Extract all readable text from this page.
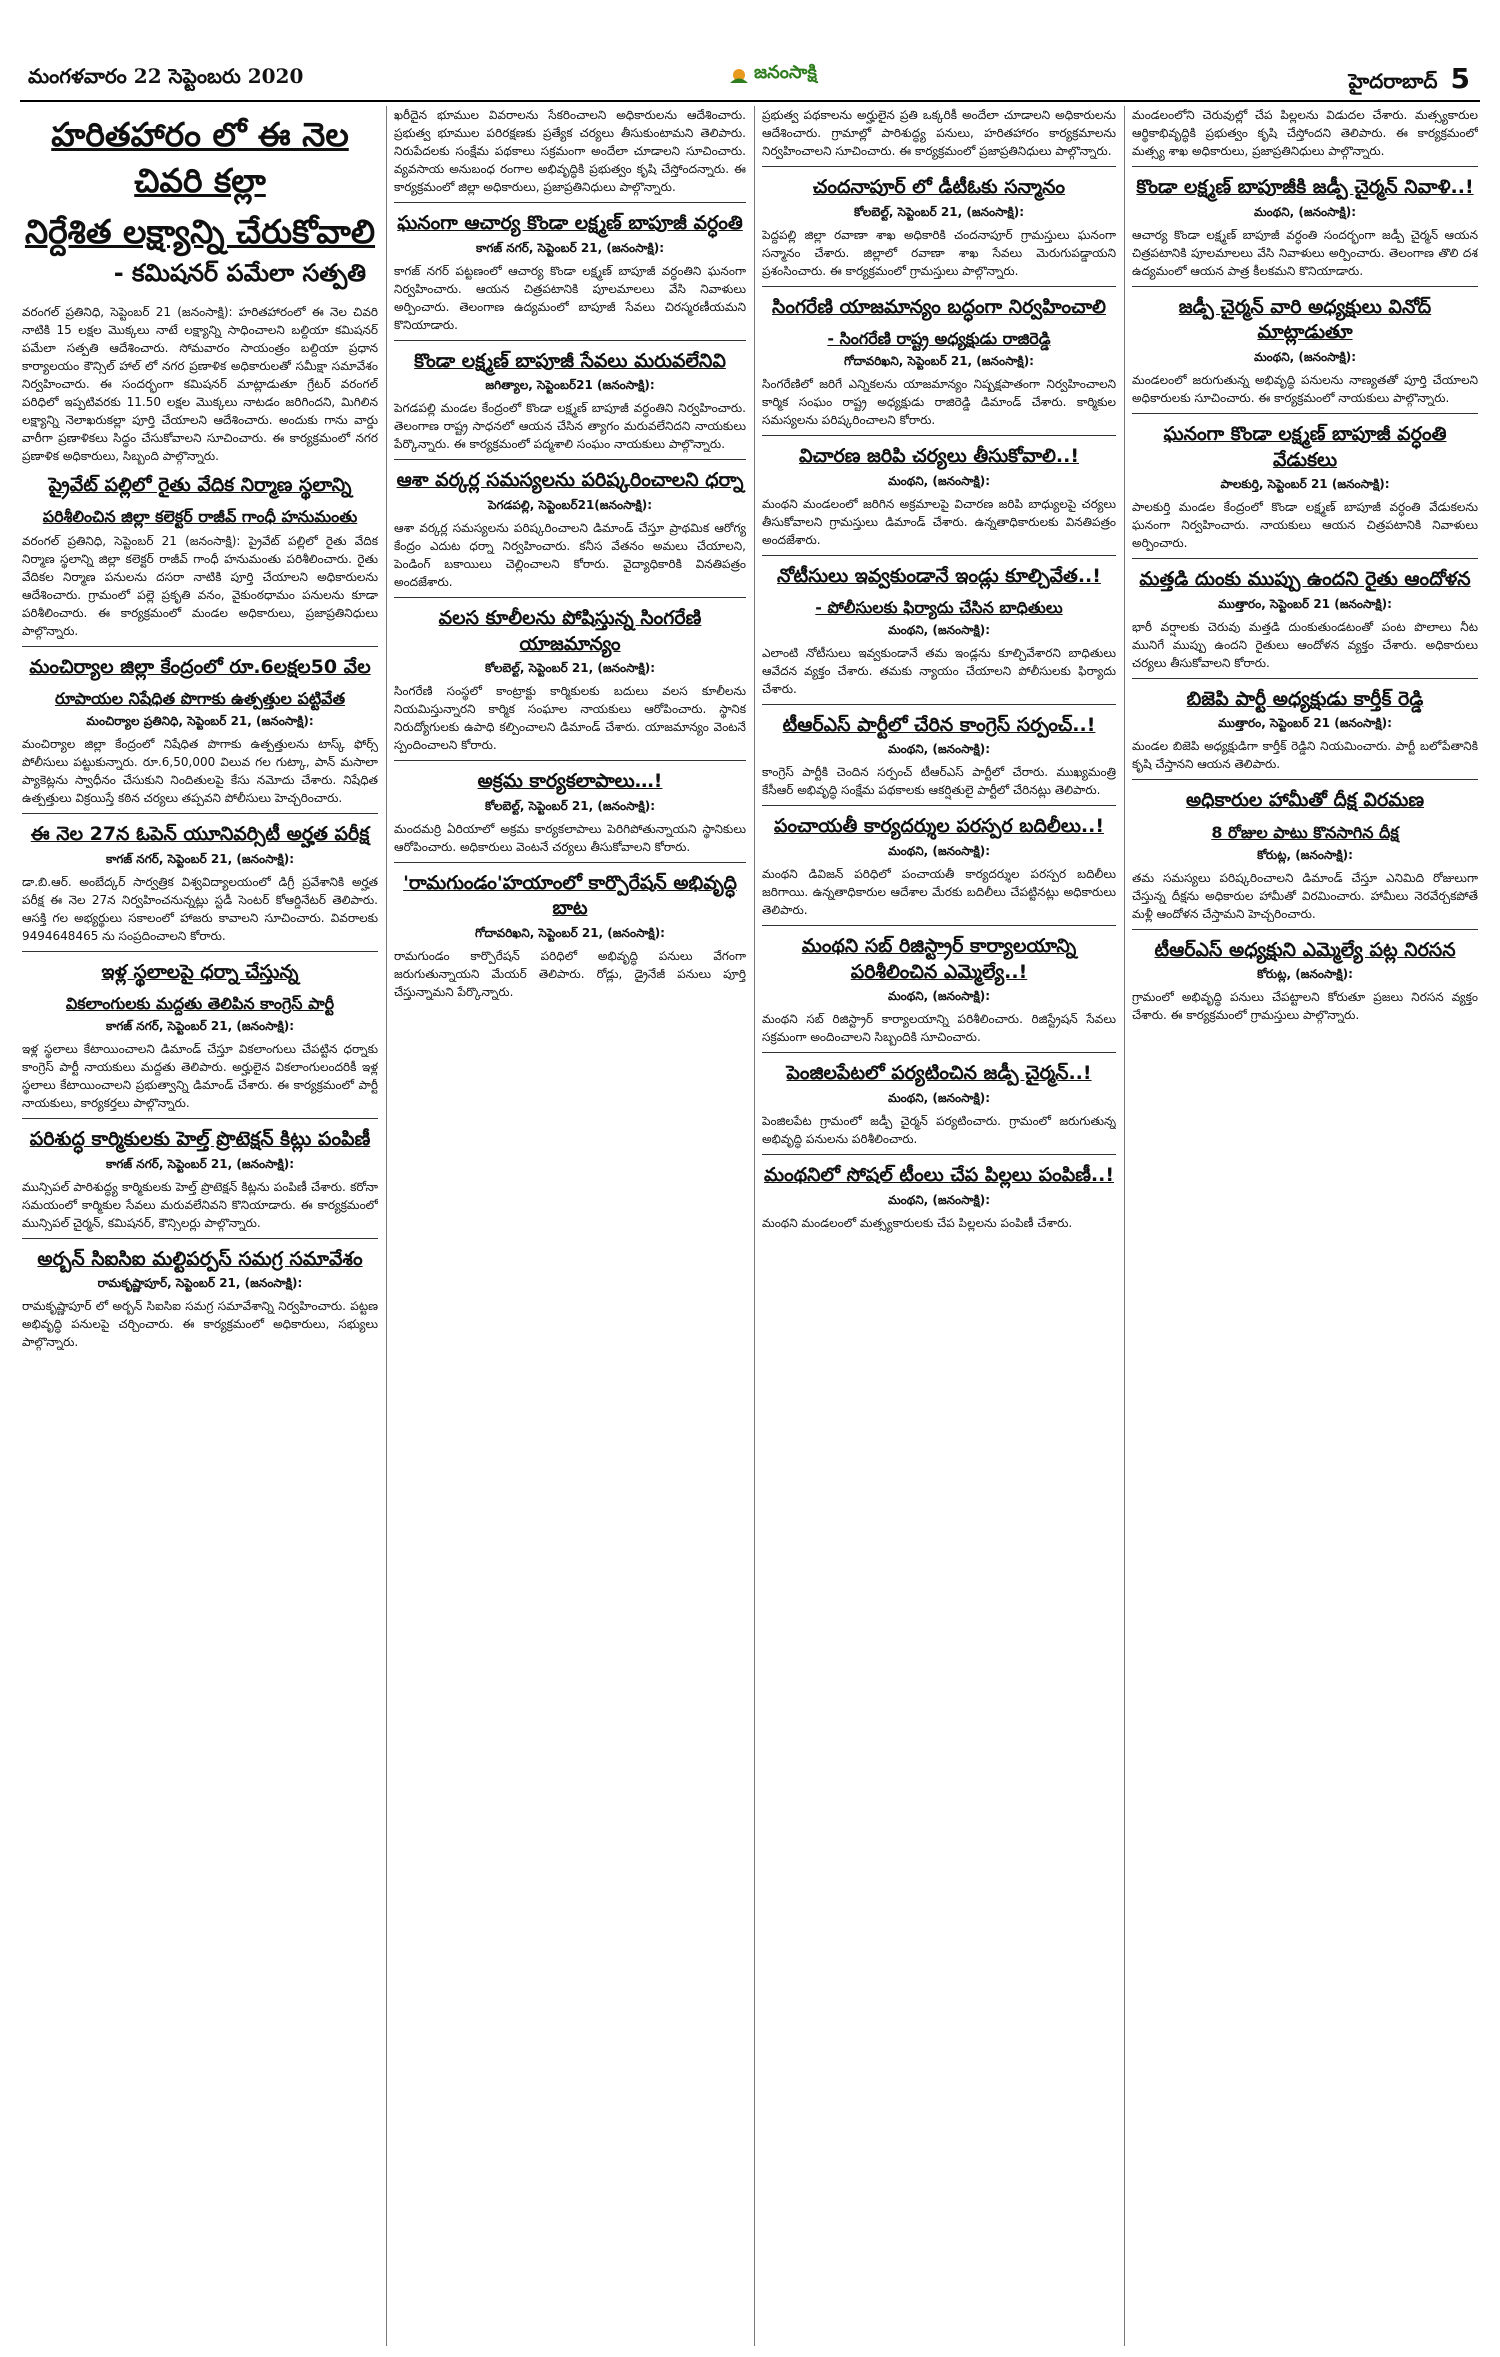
మంగళవారం 22 సెప్టెంబరు 2020	జనంసాక్షి	హైదరాబాద్ 5
హరితహారం లో ఈ నెల చివరి కల్లా
నిర్దేశిత లక్ష్యాన్ని చేరుకోవాలి
- కమిషనర్ పమేలా సత్పతి

వరంగల్ ప్రతినిధి, సెప్టెంబర్ 21 (జనంసాక్షి): హరితహారంలో ఈ నెల చివరి నాటికి 15 లక్షల మొక్కలు నాటే లక్ష్యాన్ని సాధించాలని బల్దియా కమిషనర్ పమేలా సత్పతి ఆదేశించారు. సోమవారం సాయంత్రం బల్దియా ప్రధాన కార్యాలయం కౌన్సిల్ హాల్ లో నగర ప్రణాళిక అధికారులతో సమీక్షా సమావేశం నిర్వహించారు. ఈ సందర్భంగా కమిషనర్ మాట్లాడుతూ గ్రేటర్ వరంగల్ పరిధిలో ఇప్పటివరకు 11.50 లక్షల మొక్కలు నాటడం జరిగిందని, మిగిలిన లక్ష్యాన్ని నెలాఖరుకల్లా పూర్తి చేయాలని ఆదేశించారు. అందుకు గాను వార్డు వారీగా ప్రణాళికలు సిద్ధం చేసుకోవాలని సూచించారు. ఈ కార్యక్రమంలో నగర ప్రణాళిక అధికారులు, సిబ్బంది పాల్గొన్నారు.

ప్రైవేట్ పల్లిలో రైతు వేదిక నిర్మాణ స్థలాన్ని
పరిశీలించిన జిల్లా కలెక్టర్ రాజీవ్ గాంధీ హనుమంతు

వరంగల్ ప్రతినిధి, సెప్టెంబర్ 21 (జనంసాక్షి): ప్రైవేట్ పల్లిలో రైతు వేదిక నిర్మాణ స్థలాన్ని జిల్లా కలెక్టర్ రాజీవ్ గాంధీ హనుమంతు పరిశీలించారు. రైతు వేదికల నిర్మాణ పనులను దసరా నాటికి పూర్తి చేయాలని అధికారులను ఆదేశించారు. గ్రామంలో పల్లె ప్రకృతి వనం, వైకుంఠధామం పనులను కూడా పరిశీలించారు. ఈ కార్యక్రమంలో మండల అధికారులు, ప్రజాప్రతినిధులు పాల్గొన్నారు.

మంచిర్యాల జిల్లా కేంద్రంలో రూ.6లక్షల50 వేల
రూపాయల నిషేధిత పొగాకు ఉత్పత్తుల పట్టివేత
మంచిర్యాల ప్రతినిధి, సెప్టెంబర్ 21, (జనంసాక్షి):

మంచిర్యాల జిల్లా కేంద్రంలో నిషేధిత పొగాకు ఉత్పత్తులను టాస్క్ ఫోర్స్ పోలీసులు పట్టుకున్నారు. రూ.6,50,000 విలువ గల గుట్కా, పాన్ మసాలా ప్యాకెట్లను స్వాధీనం చేసుకుని నిందితులపై కేసు నమోదు చేశారు. నిషేధిత ఉత్పత్తులు విక్రయిస్తే కఠిన చర్యలు తప్పవని పోలీసులు హెచ్చరించారు.

ఈ నెల 27న ఓపెన్ యూనివర్సిటీ అర్హత పరీక్ష
కాగజ్ నగర్, సెప్టెంబర్ 21, (జనంసాక్షి):

డా.బి.ఆర్. అంబేద్కర్ సార్వత్రిక విశ్వవిద్యాలయంలో డిగ్రీ ప్రవేశానికి అర్హత పరీక్ష ఈ నెల 27న నిర్వహించనున్నట్లు స్టడీ సెంటర్ కోఆర్డినేటర్ తెలిపారు. ఆసక్తి గల అభ్యర్థులు సకాలంలో హాజరు కావాలని సూచించారు. వివరాలకు 9494648465 ను సంప్రదించాలని కోరారు.

ఇళ్ల స్థలాలపై ధర్నా చేస్తున్న
వికలాంగులకు మద్దతు తెలిపిన కాంగ్రెస్ పార్టీ
కాగజ్ నగర్, సెప్టెంబర్ 21, (జనంసాక్షి):

ఇళ్ల స్థలాలు కేటాయించాలని డిమాండ్ చేస్తూ వికలాంగులు చేపట్టిన ధర్నాకు కాంగ్రెస్ పార్టీ నాయకులు మద్దతు తెలిపారు. అర్హులైన వికలాంగులందరికీ ఇళ్ల స్థలాలు కేటాయించాలని ప్రభుత్వాన్ని డిమాండ్ చేశారు. ఈ కార్యక్రమంలో పార్టీ నాయకులు, కార్యకర్తలు పాల్గొన్నారు.

పరిశుద్ధ కార్మికులకు హెల్త్ ప్రొటెక్షన్ కిట్లు పంపిణీ
కాగజ్ నగర్, సెప్టెంబర్ 21, (జనంసాక్షి):

మున్సిపల్ పారిశుద్ధ్య కార్మికులకు హెల్త్ ప్రొటెక్షన్ కిట్లను పంపిణీ చేశారు. కరోనా సమయంలో కార్మికుల సేవలు మరువలేనివని కొనియాడారు. ఈ కార్యక్రమంలో మున్సిపల్ చైర్మన్, కమిషనర్, కౌన్సిలర్లు పాల్గొన్నారు.

అర్బన్ సిఐసిఐ మల్టిపర్పస్ సమగ్ర సమావేశం
రామకృష్ణాపూర్, సెప్టెంబర్ 21, (జనంసాక్షి):

రామకృష్ణాపూర్ లో అర్బన్ సిఐసిఐ సమగ్ర సమావేశాన్ని నిర్వహించారు. పట్టణ అభివృద్ధి పనులపై చర్చించారు. ఈ కార్యక్రమంలో అధికారులు, సభ్యులు పాల్గొన్నారు.

ఖరీదైన భూముల వివరాలను సేకరించాలని అధికారులను ఆదేశించారు. ప్రభుత్వ భూముల పరిరక్షణకు ప్రత్యేక చర్యలు తీసుకుంటామని తెలిపారు. నిరుపేదలకు సంక్షేమ పథకాలు సక్రమంగా అందేలా చూడాలని సూచించారు. వ్యవసాయ అనుబంధ రంగాల అభివృద్ధికి ప్రభుత్వం కృషి చేస్తోందన్నారు. ఈ కార్యక్రమంలో జిల్లా అధికారులు, ప్రజాప్రతినిధులు పాల్గొన్నారు.

ఘనంగా ఆచార్య కొండా లక్ష్మణ్ బాపూజీ వర్ధంతి
కాగజ్ నగర్, సెప్టెంబర్ 21, (జనంసాక్షి):

కాగజ్ నగర్ పట్టణంలో ఆచార్య కొండా లక్ష్మణ్ బాపూజీ వర్ధంతిని ఘనంగా నిర్వహించారు. ఆయన చిత్రపటానికి పూలమాలలు వేసి నివాళులు అర్పించారు. తెలంగాణ ఉద్యమంలో బాపూజీ సేవలు చిరస్మరణీయమని కొనియాడారు.

కొండా లక్ష్మణ్ బాపూజీ సేవలు మరువలేనివి
జగిత్యాల, సెప్టెంబర్21 (జనంసాక్షి):

పెగడపల్లి మండల కేంద్రంలో కొండా లక్ష్మణ్ బాపూజీ వర్ధంతిని నిర్వహించారు. తెలంగాణ రాష్ట్ర సాధనలో ఆయన చేసిన త్యాగం మరువలేనిదని నాయకులు పేర్కొన్నారు. ఈ కార్యక్రమంలో పద్మశాలి సంఘం నాయకులు పాల్గొన్నారు.

ఆశా వర్కర్ల సమస్యలను పరిష్కరించాలని ధర్నా
పెగడపల్లి, సెప్టెంబర్21(జనంసాక్షి):

ఆశా వర్కర్ల సమస్యలను పరిష్కరించాలని డిమాండ్ చేస్తూ ప్రాథమిక ఆరోగ్య కేంద్రం ఎదుట ధర్నా నిర్వహించారు. కనీస వేతనం అమలు చేయాలని, పెండింగ్ బకాయిలు చెల్లించాలని కోరారు. వైద్యాధికారికి వినతిపత్రం అందజేశారు.

వలస కూలీలను పోషిస్తున్న సింగరేణి యాజమాన్యం
కోలబెల్ట్, సెప్టెంబర్ 21, (జనంసాక్షి):

సింగరేణి సంస్థలో కాంట్రాక్టు కార్మికులకు బదులు వలస కూలీలను నియమిస్తున్నారని కార్మిక సంఘాల నాయకులు ఆరోపించారు. స్థానిక నిరుద్యోగులకు ఉపాధి కల్పించాలని డిమాండ్ చేశారు. యాజమాన్యం వెంటనే స్పందించాలని కోరారు.

అక్రమ కార్యకలాపాలు…!
కోలబెల్ట్, సెప్టెంబర్ 21, (జనంసాక్షి):

మందమర్రి ఏరియాలో అక్రమ కార్యకలాపాలు పెరిగిపోతున్నాయని స్థానికులు ఆరోపించారు. అధికారులు వెంటనే చర్యలు తీసుకోవాలని కోరారు.

'రామగుండం'హయాంలో కార్పొరేషన్ అభివృద్ధి బాట
గోదావరిఖని, సెప్టెంబర్ 21, (జనంసాక్షి):

రామగుండం కార్పొరేషన్ పరిధిలో అభివృద్ధి పనులు వేగంగా జరుగుతున్నాయని మేయర్ తెలిపారు. రోడ్లు, డ్రైనేజీ పనులు పూర్తి చేస్తున్నామని పేర్కొన్నారు.

ప్రభుత్వ పథకాలను అర్హులైన ప్రతి ఒక్కరికీ అందేలా చూడాలని అధికారులను ఆదేశించారు. గ్రామాల్లో పారిశుద్ధ్య పనులు, హరితహారం కార్యక్రమాలను నిర్వహించాలని సూచించారు. ఈ కార్యక్రమంలో ప్రజాప్రతినిధులు పాల్గొన్నారు.

చందనాపూర్ లో డీటీఓకు సన్మానం
కోలబెల్ట్, సెప్టెంబర్ 21, (జనంసాక్షి):

పెద్దపల్లి జిల్లా రవాణా శాఖ అధికారికి చందనాపూర్ గ్రామస్తులు ఘనంగా సన్మానం చేశారు. జిల్లాలో రవాణా శాఖ సేవలు మెరుగుపడ్డాయని ప్రశంసించారు. ఈ కార్యక్రమంలో గ్రామస్తులు పాల్గొన్నారు.

సింగరేణి యాజమాన్యం బద్ధంగా నిర్వహించాలి
- సింగరేణి రాష్ట్ర అధ్యక్షుడు రాజిరెడ్డి
గోదావరిఖని, సెప్టెంబర్ 21, (జనంసాక్షి):

సింగరేణిలో జరిగే ఎన్నికలను యాజమాన్యం నిష్పక్షపాతంగా నిర్వహించాలని కార్మిక సంఘం రాష్ట్ర అధ్యక్షుడు రాజిరెడ్డి డిమాండ్ చేశారు. కార్మికుల సమస్యలను పరిష్కరించాలని కోరారు.

విచారణ జరిపి చర్యలు తీసుకోవాలి..!
మంథని, (జనంసాక్షి):

మంథని మండలంలో జరిగిన అక్రమాలపై విచారణ జరిపి బాధ్యులపై చర్యలు తీసుకోవాలని గ్రామస్తులు డిమాండ్ చేశారు. ఉన్నతాధికారులకు వినతిపత్రం అందజేశారు.

నోటీసులు ఇవ్వకుండానే ఇండ్లు కూల్చివేత..!
- పోలీసులకు ఫిర్యాదు చేసిన బాధితులు
మంథని, (జనంసాక్షి):

ఎలాంటి నోటీసులు ఇవ్వకుండానే తమ ఇండ్లను కూల్చివేశారని బాధితులు ఆవేదన వ్యక్తం చేశారు. తమకు న్యాయం చేయాలని పోలీసులకు ఫిర్యాదు చేశారు.

టీఆర్ఎస్ పార్టీలో చేరిన కాంగ్రెస్ సర్పంచ్..!
మంథని, (జనంసాక్షి):

కాంగ్రెస్ పార్టీకి చెందిన సర్పంచ్ టీఆర్ఎస్ పార్టీలో చేరారు. ముఖ్యమంత్రి కేసీఆర్ అభివృద్ధి సంక్షేమ పథకాలకు ఆకర్షితులై పార్టీలో చేరినట్లు తెలిపారు.

పంచాయతీ కార్యదర్శుల పరస్పర బదిలీలు..!
మంథని, (జనంసాక్షి):

మంథని డివిజన్ పరిధిలో పంచాయతీ కార్యదర్శుల పరస్పర బదిలీలు జరిగాయి. ఉన్నతాధికారుల ఆదేశాల మేరకు బదిలీలు చేపట్టినట్లు అధికారులు తెలిపారు.

మంథని సబ్ రిజిస్ట్రార్ కార్యాలయాన్ని పరిశీలించిన ఎమ్మెల్యే..!
మంథని, (జనంసాక్షి):

మంథని సబ్ రిజిస్ట్రార్ కార్యాలయాన్ని పరిశీలించారు. రిజిస్ట్రేషన్ సేవలు సక్రమంగా అందించాలని సిబ్బందికి సూచించారు.

పెంజిలపేటలో పర్యటించిన జడ్పీ చైర్మన్..!
మంథని, (జనంసాక్షి):

పెంజిలపేట గ్రామంలో జడ్పీ చైర్మన్ పర్యటించారు. గ్రామంలో జరుగుతున్న అభివృద్ధి పనులను పరిశీలించారు.

మంథనిలో సోషల్ టీంలు చేప పిల్లలు పంపిణీ..!
మంథని, (జనంసాక్షి):

మంథని మండలంలో మత్స్యకారులకు చేప పిల్లలను పంపిణీ చేశారు.

మండలంలోని చెరువుల్లో చేప పిల్లలను విడుదల చేశారు. మత్స్యకారుల ఆర్థికాభివృద్ధికి ప్రభుత్వం కృషి చేస్తోందని తెలిపారు. ఈ కార్యక్రమంలో మత్స్య శాఖ అధికారులు, ప్రజాప్రతినిధులు పాల్గొన్నారు.

కొండా లక్ష్మణ్ బాపూజీకి జడ్పీ చైర్మన్ నివాళి..!
మంథని, (జనంసాక్షి):

ఆచార్య కొండా లక్ష్మణ్ బాపూజీ వర్ధంతి సందర్భంగా జడ్పీ చైర్మన్ ఆయన చిత్రపటానికి పూలమాలలు వేసి నివాళులు అర్పించారు. తెలంగాణ తొలి దశ ఉద్యమంలో ఆయన పాత్ర కీలకమని కొనియాడారు.

జడ్పీ చైర్మన్ వారి అధ్యక్షులు వినోద్ మాట్లాడుతూ
మంథని, (జనంసాక్షి):

మండలంలో జరుగుతున్న అభివృద్ధి పనులను నాణ్యతతో పూర్తి చేయాలని అధికారులకు సూచించారు. ఈ కార్యక్రమంలో నాయకులు పాల్గొన్నారు.

ఘనంగా కొండా లక్ష్మణ్ బాపూజీ వర్ధంతి వేడుకలు
పాలకుర్తి, సెప్టెంబర్ 21 (జనంసాక్షి):

పాలకుర్తి మండల కేంద్రంలో కొండా లక్ష్మణ్ బాపూజీ వర్ధంతి వేడుకలను ఘనంగా నిర్వహించారు. నాయకులు ఆయన చిత్రపటానికి నివాళులు అర్పించారు.

మత్తడి దుంకు ముప్పు ఉందని రైతు ఆందోళన
ముత్తారం, సెప్టెంబర్ 21 (జనంసాక్షి):

భారీ వర్షాలకు చెరువు మత్తడి దుంకుతుండటంతో పంట పొలాలు నీట మునిగే ముప్పు ఉందని రైతులు ఆందోళన వ్యక్తం చేశారు. అధికారులు చర్యలు తీసుకోవాలని కోరారు.

బిజెపి పార్టీ అధ్యక్షుడు కార్తీక్ రెడ్డి
ముత్తారం, సెప్టెంబర్ 21 (జనంసాక్షి):

మండల బిజెపి అధ్యక్షుడిగా కార్తీక్ రెడ్డిని నియమించారు. పార్టీ బలోపేతానికి కృషి చేస్తానని ఆయన తెలిపారు.

అధికారుల హామీతో దీక్ష విరమణ
8 రోజుల పాటు కొనసాగిన దీక్ష
కోరుట్ల, (జనంసాక్షి):

తమ సమస్యలు పరిష్కరించాలని డిమాండ్ చేస్తూ ఎనిమిది రోజులుగా చేస్తున్న దీక్షను అధికారుల హామీతో విరమించారు. హామీలు నెరవేర్చకపోతే మళ్లీ ఆందోళన చేస్తామని హెచ్చరించారు.

టీఆర్ఎస్ అధ్యక్షుని ఎమ్మెల్యే పట్ల నిరసన
కోరుట్ల, (జనంసాక్షి):

గ్రామంలో అభివృద్ధి పనులు చేపట్టాలని కోరుతూ ప్రజలు నిరసన వ్యక్తం చేశారు. ఈ కార్యక్రమంలో గ్రామస్తులు పాల్గొన్నారు.
